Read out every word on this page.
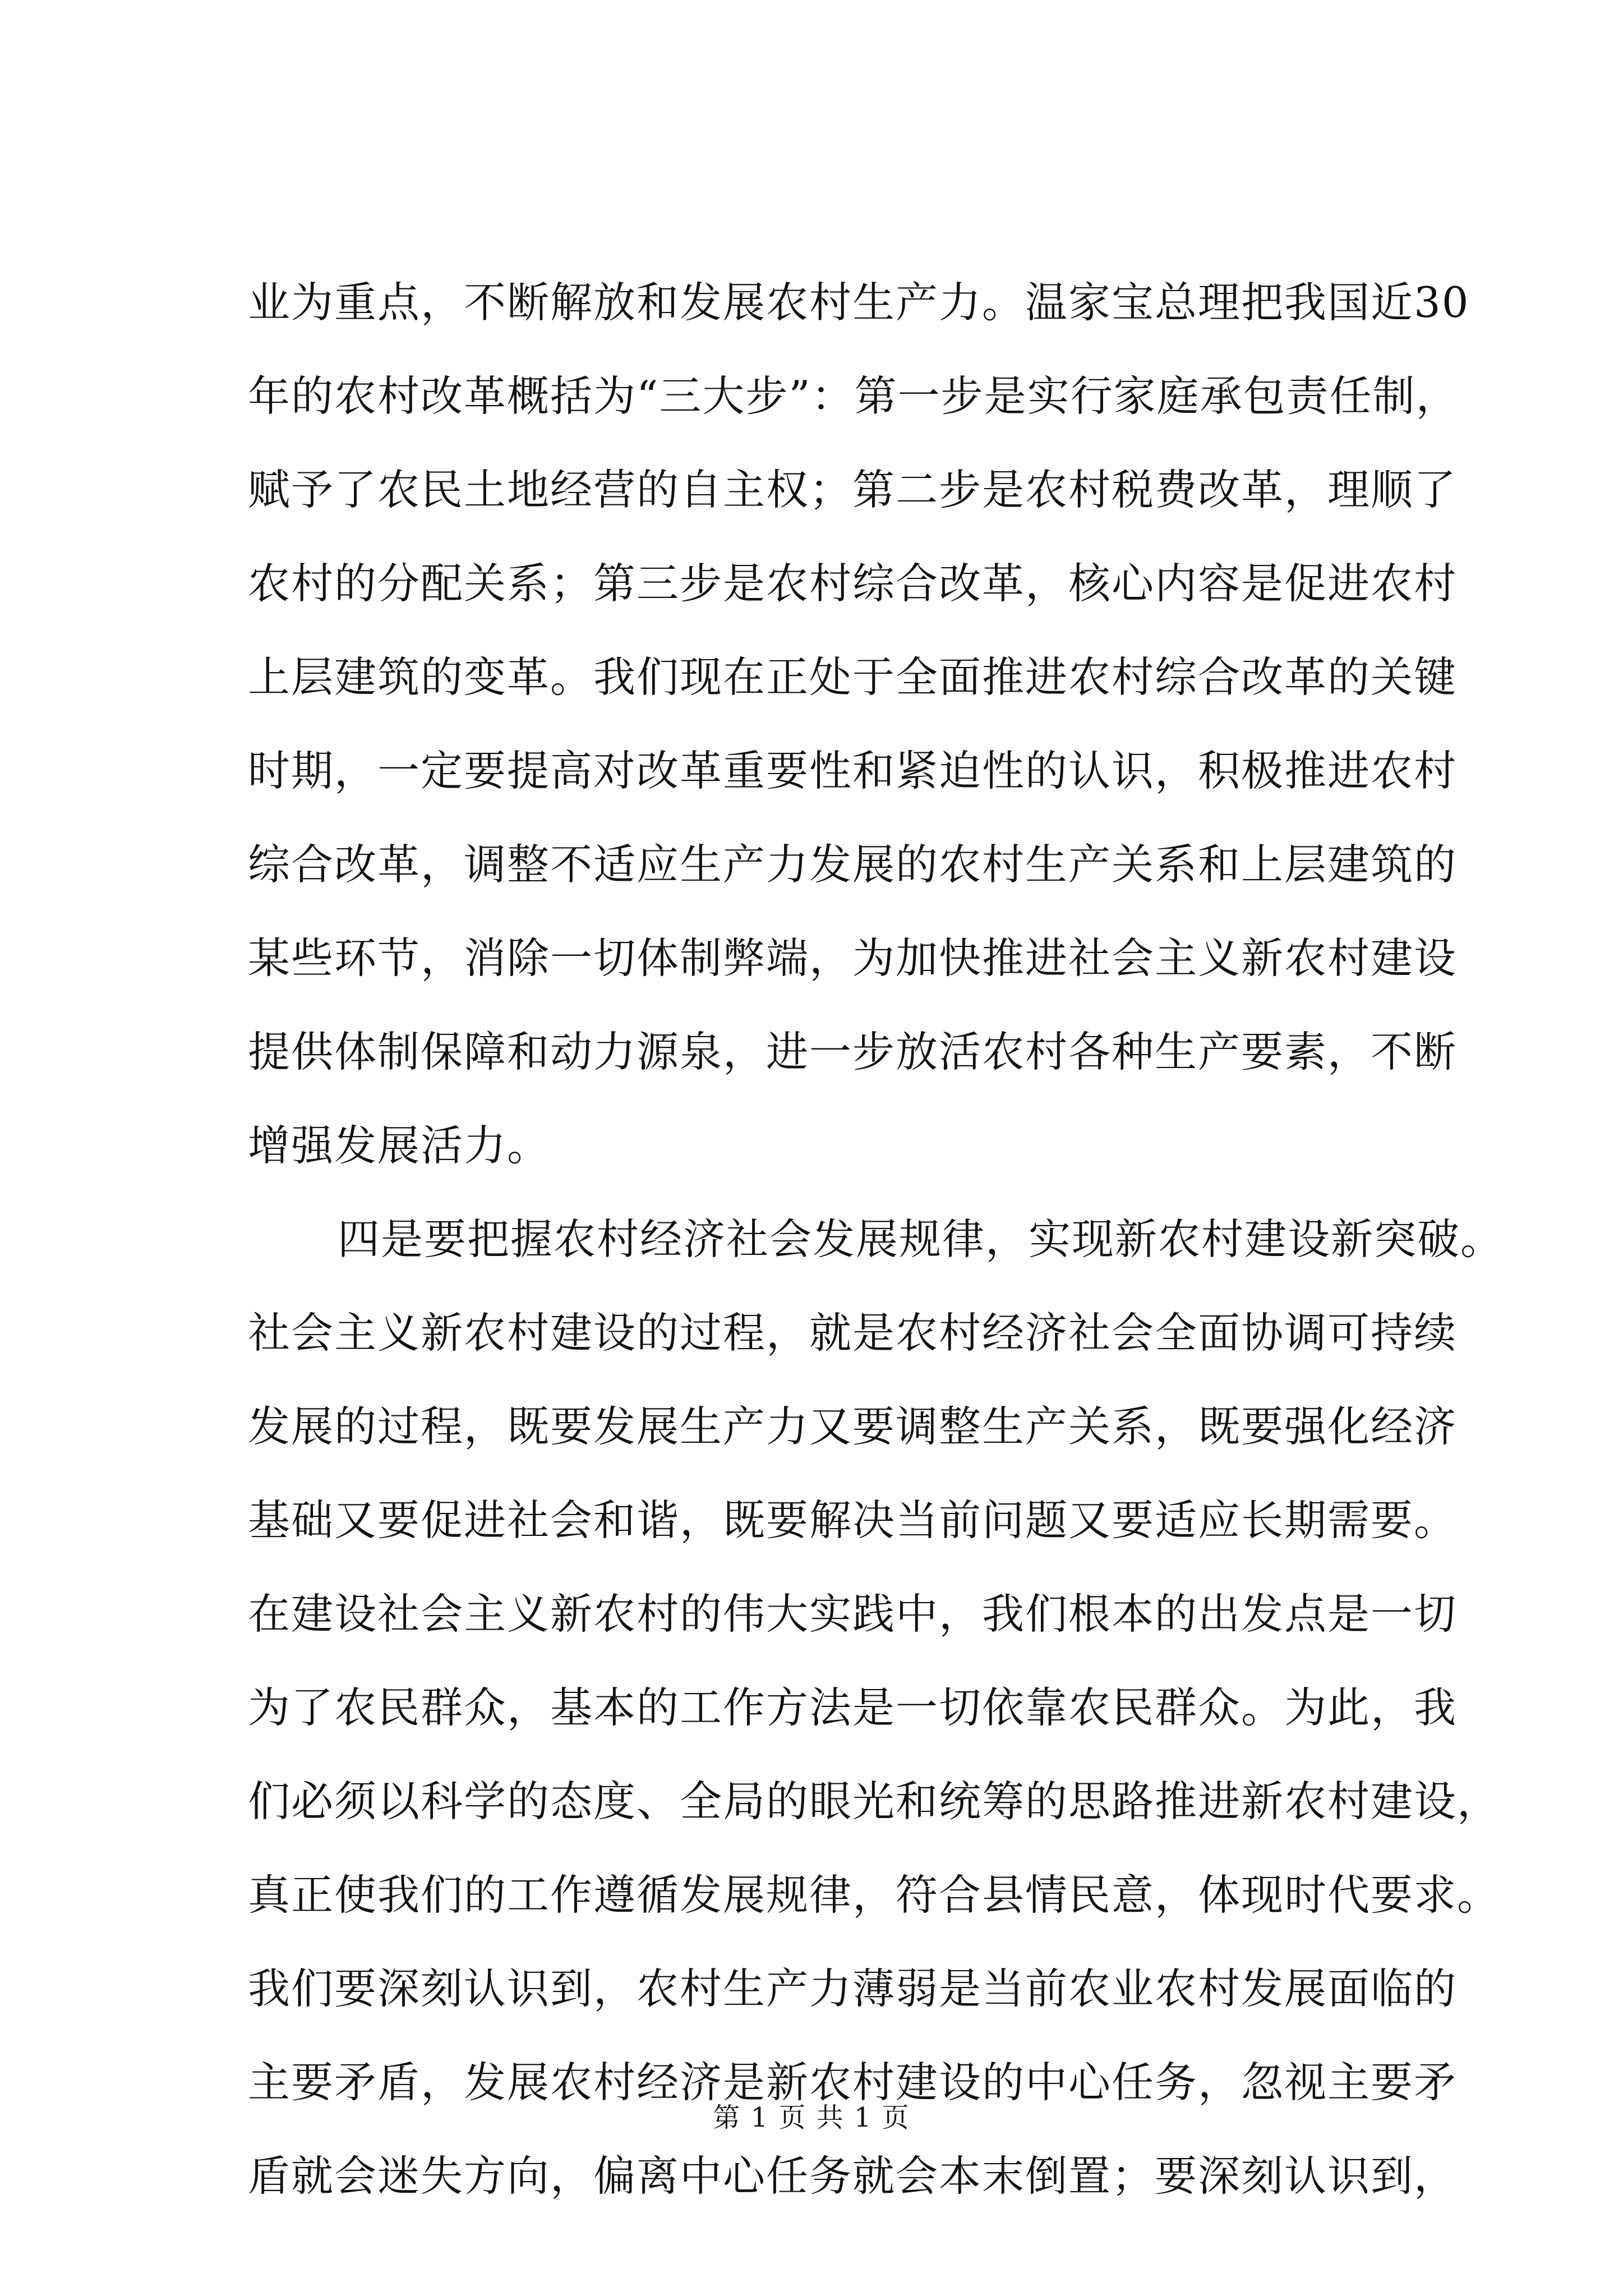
业为重点，不断解放和发展农村生产力。温家宝总理把我国近30
年的农村改革概括为“三大步”：第一步是实行家庭承包责任制，
赋予了农民土地经营的自主权；第二步是农村税费改革，理顺了
农村的分配关系；第三步是农村综合改革，核心内容是促进农村
上层建筑的变革。我们现在正处于全面推进农村综合改革的关键
时期，一定要提高对改革重要性和紧迫性的认识，积极推进农村
综合改革，调整不适应生产力发展的农村生产关系和上层建筑的
某些环节，消除一切体制弊端，为加快推进社会主义新农村建设
提供体制保障和动力源泉，进一步放活农村各种生产要素，不断
增强发展活力。
四是要把握农村经济社会发展规律，实现新农村建设新突破。
社会主义新农村建设的过程，就是农村经济社会全面协调可持续
发展的过程，既要发展生产力又要调整生产关系，既要强化经济
基础又要促进社会和谐，既要解决当前问题又要适应长期需要。
在建设社会主义新农村的伟大实践中，我们根本的出发点是一切
为了农民群众，基本的工作方法是一切依靠农民群众。为此，我
们必须以科学的态度、全局的眼光和统筹的思路推进新农村建设，
真正使我们的工作遵循发展规律，符合县情民意，体现时代要求。
我们要深刻认识到，农村生产力薄弱是当前农业农村发展面临的
主要矛盾，发展农村经济是新农村建设的中心任务，忽视主要矛
盾就会迷失方向，偏离中心任务就会本末倒置；要深刻认识到，
第 1 页 共 1 页
